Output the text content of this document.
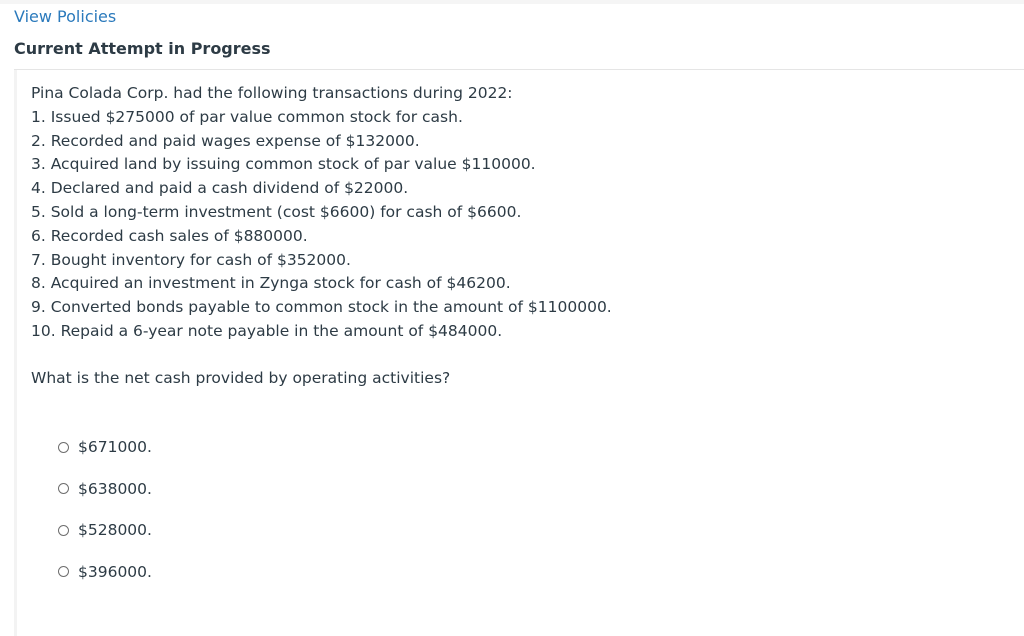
View Policies
Current Attempt in Progress
Pina Colada Corp. had the following transactions during 2022:
1. Issued $275000 of par value common stock for cash.
2. Recorded and paid wages expense of $132000.
3. Acquired land by issuing common stock of par value $110000.
4. Declared and paid a cash dividend of $22000.
5. Sold a long-term investment (cost $6600) for cash of $6600.
6. Recorded cash sales of $880000.
7. Bought inventory for cash of $352000.
8. Acquired an investment in Zynga stock for cash of $46200.
9. Converted bonds payable to common stock in the amount of $1100000.
10. Repaid a 6-year note payable in the amount of $484000.

What is the net cash provided by operating activities?

$671000.
$638000.
$528000.
$396000.
